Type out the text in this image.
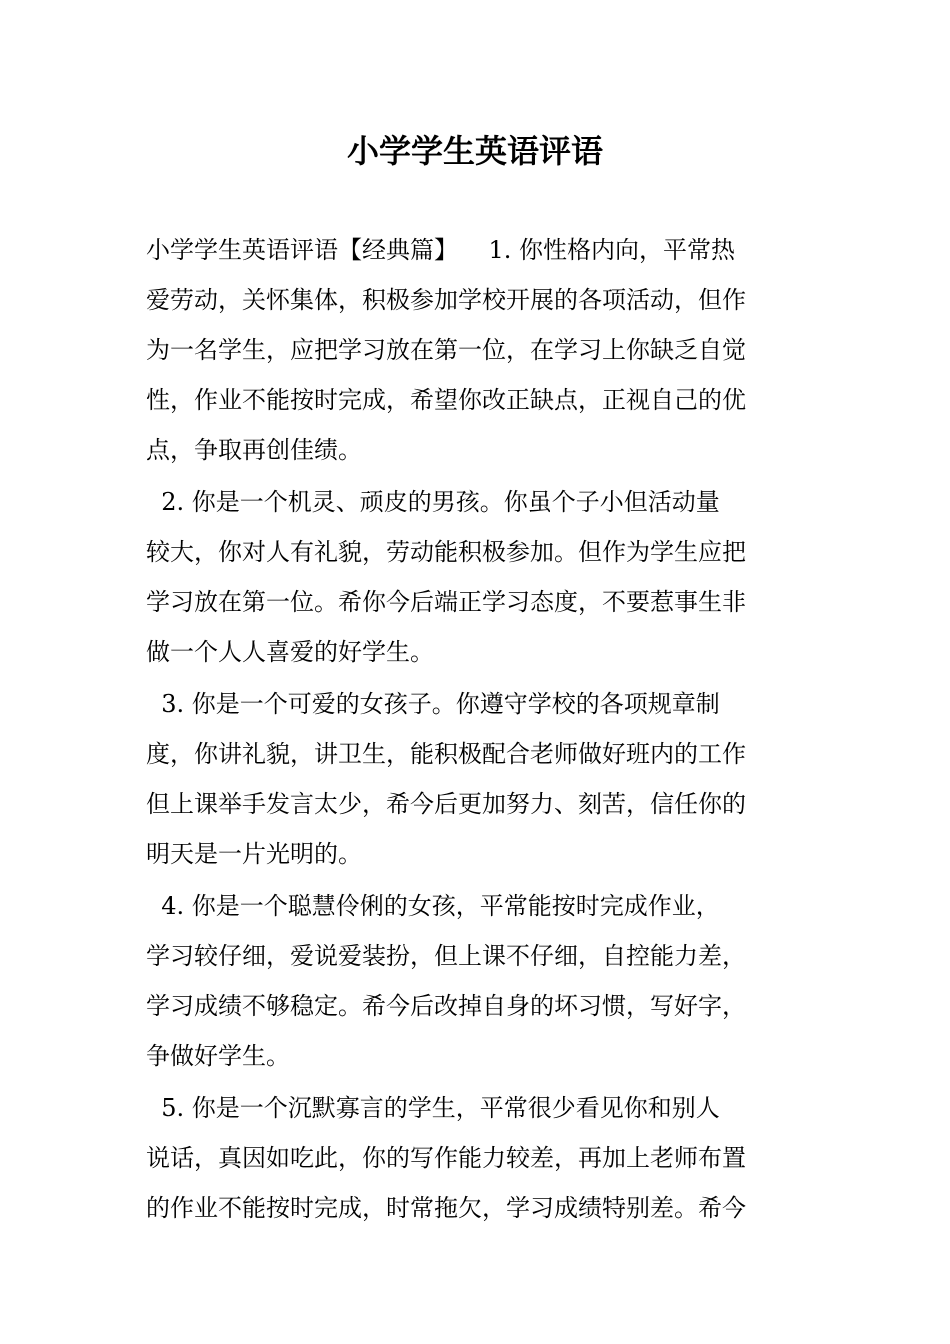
小学学生英语评语
小学学生英语评语【经典篇】    1. 你性格内向，平常热
爱劳动，关怀集体，积极参加学校开展的各项活动，但作
为一名学生，应把学习放在第一位，在学习上你缺乏自觉
性，作业不能按时完成，希望你改正缺点，正视自己的优
点，争取再创佳绩。
2. 你是一个机灵、顽皮的男孩。你虽个子小但活动量
较大，你对人有礼貌，劳动能积极参加。但作为学生应把
学习放在第一位。希你今后端正学习态度，不要惹事生非
做一个人人喜爱的好学生。
3. 你是一个可爱的女孩子。你遵守学校的各项规章制
度，你讲礼貌，讲卫生，能积极配合老师做好班内的工作
但上课举手发言太少，希今后更加努力、刻苦，信任你的
明天是一片光明的。
4. 你是一个聪慧伶俐的女孩，平常能按时完成作业，
学习较仔细，爱说爱装扮，但上课不仔细，自控能力差，
学习成绩不够稳定。希今后改掉自身的坏习惯，写好字，
争做好学生。
5. 你是一个沉默寡言的学生，平常很少看见你和别人
说话，真因如吃此，你的写作能力较差，再加上老师布置
的作业不能按时完成，时常拖欠，学习成绩特别差。希今
